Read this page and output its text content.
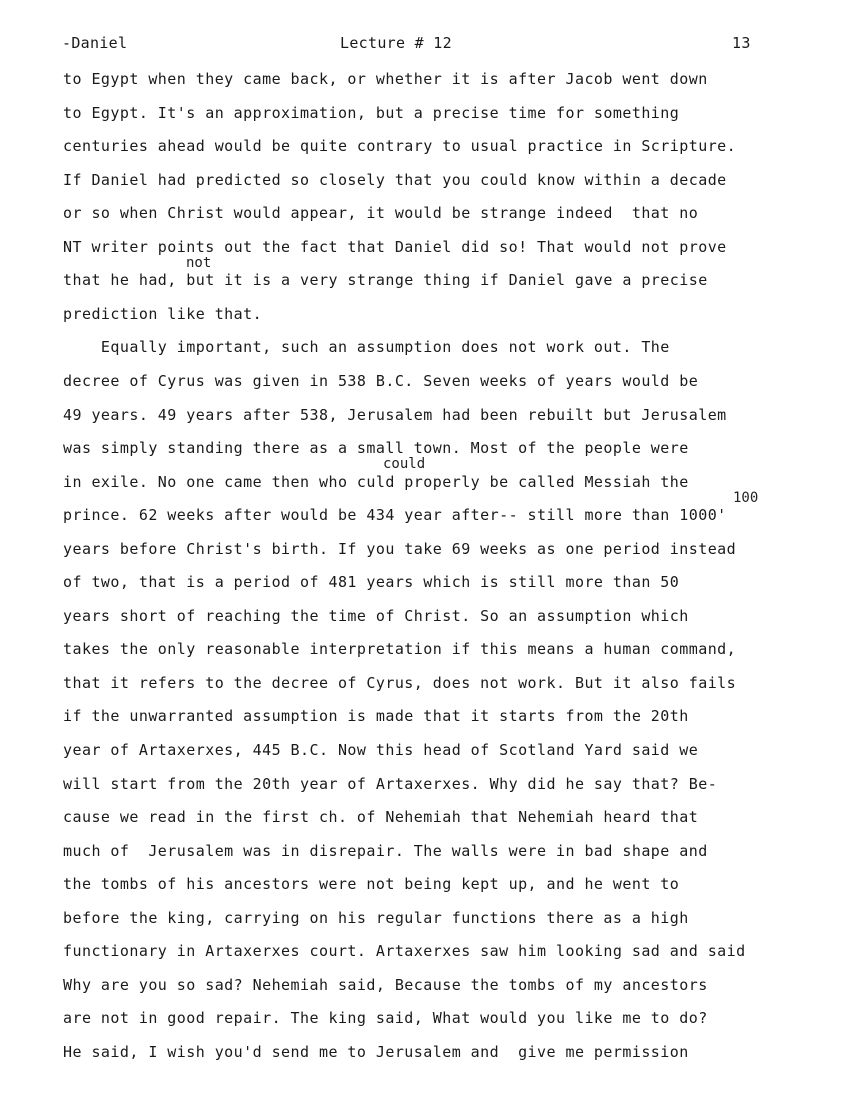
-Daniel	Lecture # 12	13
to Egypt when they came back, or whether it is after Jacob went down
to Egypt. It's an approximation, but a precise time for something
centuries ahead would be quite contrary to usual practice in Scripture.
If Daniel had predicted so closely that you could know within a decade
or so when Christ would appear, it would be strange indeed  that no
NT writer points out the fact that Daniel did so! That would not prove
that he had, but it is a very strange thing if Daniel gave a precise
prediction like that.
Equally important, such an assumption does not work out. The
decree of Cyrus was given in 538 B.C. Seven weeks of years would be
49 years. 49 years after 538, Jerusalem had been rebuilt but Jerusalem
was simply standing there as a small town. Most of the people were
in exile. No one came then who culd properly be called Messiah the
prince. 62 weeks after would be 434 year after-- still more than 1000'
years before Christ's birth. If you take 69 weeks as one period instead
of two, that is a period of 481 years which is still more than 50
years short of reaching the time of Christ. So an assumption which
takes the only reasonable interpretation if this means a human command,
that it refers to the decree of Cyrus, does not work. But it also fails
if the unwarranted assumption is made that it starts from the 20th
year of Artaxerxes, 445 B.C. Now this head of Scotland Yard said we
will start from the 20th year of Artaxerxes. Why did he say that? Be-
cause we read in the first ch. of Nehemiah that Nehemiah heard that
much of  Jerusalem was in disrepair. The walls were in bad shape and
the tombs of his ancestors were not being kept up, and he went to
before the king, carrying on his regular functions there as a high
functionary in Artaxerxes court. Artaxerxes saw him looking sad and said
Why are you so sad? Nehemiah said, Because the tombs of my ancestors
are not in good repair. The king said, What would you like me to do?
He said, I wish you'd send me to Jerusalem and  give me permission
not
could
100
